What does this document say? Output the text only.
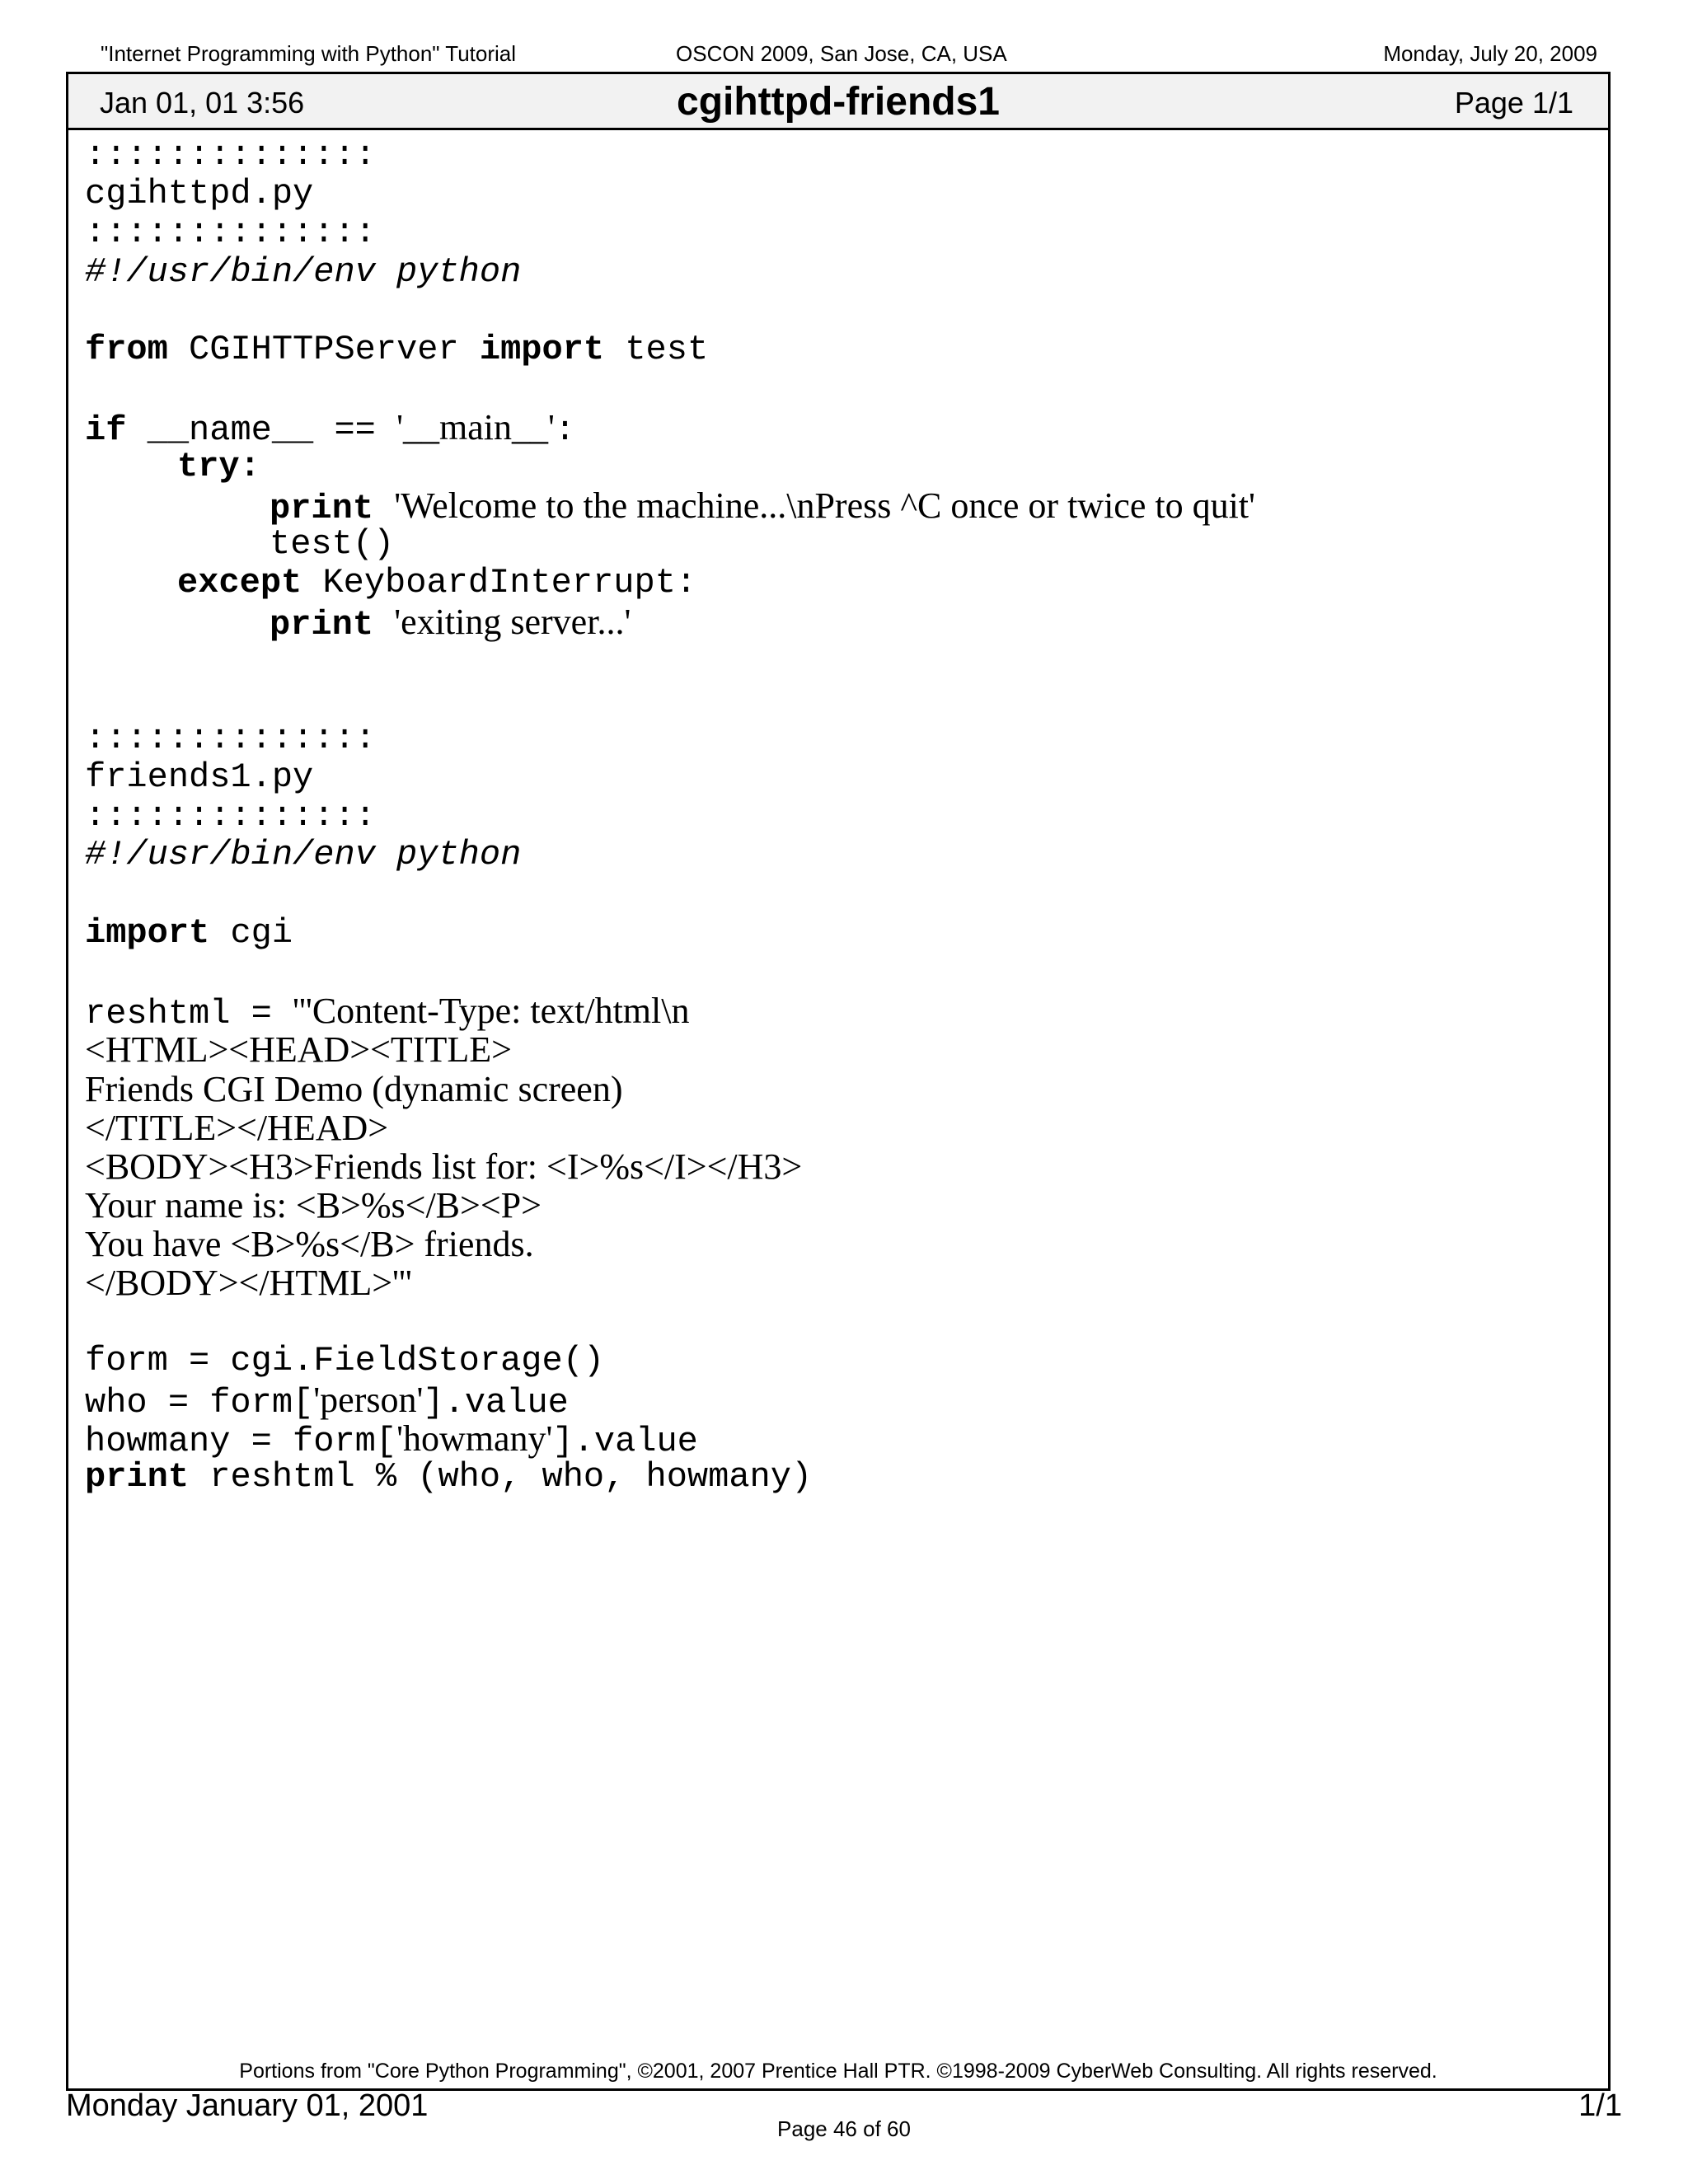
"Internet Programming with Python" Tutorial	OSCON 2009, San Jose, CA, USA	Monday, July 20, 2009
Jan 01, 01 3:56	cgihttpd-friends1	Page 1/1
::::::::::::::
cgihttpd.py
::::::::::::::
#!/usr/bin/env python
from CGIHTTPServer import test
if __name__ == '__main__':
try:
print 'Welcome to the machine...\nPress ^C once or twice to quit'
test()
except KeyboardInterrupt:
print 'exiting server...'
::::::::::::::
friends1.py
::::::::::::::
#!/usr/bin/env python
import cgi
reshtml = '''Content-Type: text/html\n
<HTML><HEAD><TITLE>
Friends CGI Demo (dynamic screen)
</TITLE></HEAD>
<BODY><H3>Friends list for: <I>%s</I></H3>
Your name is: <B>%s</B><P>
You have <B>%s</B> friends.
</BODY></HTML>'''
form = cgi.FieldStorage()
who = form['person'].value
howmany = form['howmany'].value
print reshtml % (who, who, howmany)
Portions from "Core Python Programming", ©2001, 2007 Prentice Hall PTR. ©1998-2009 CyberWeb Consulting. All rights reserved.
Monday January 01, 2001	1/1
Page 46 of 60
